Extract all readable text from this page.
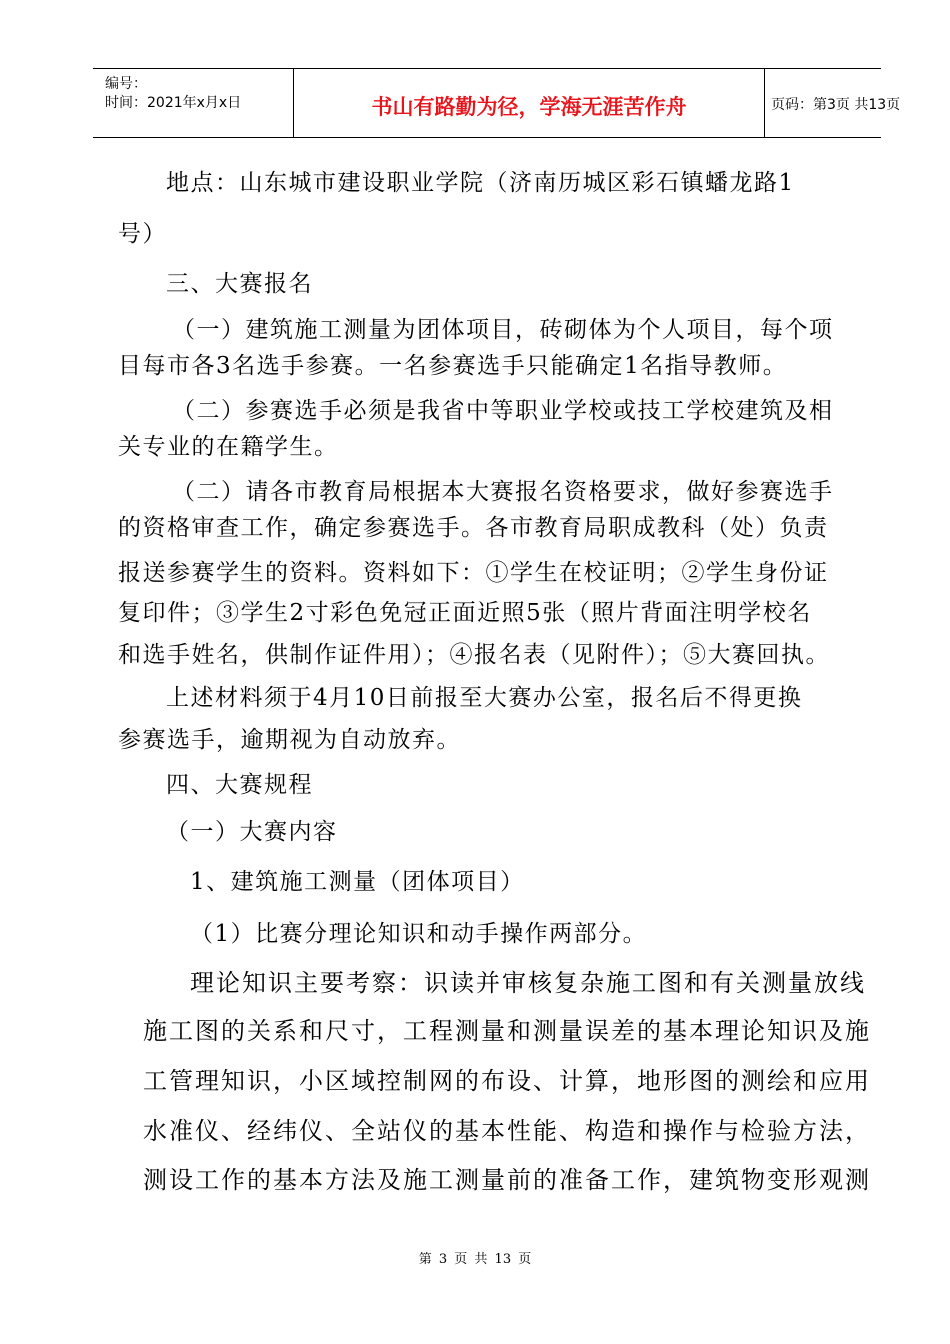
编号：
时间：2021年x月x日	书山有路勤为径，学海无涯苦作舟	页码：第3页 共13页
地点：山东城市建设职业学院（济南历城区彩石镇蟠龙路1
号）
三、大赛报名
（一）建筑施工测量为团体项目，砖砌体为个人项目，每个项
目每市各3名选手参赛。一名参赛选手只能确定1名指导教师。
（二）参赛选手必须是我省中等职业学校或技工学校建筑及相
关专业的在籍学生。
（二）请各市教育局根据本大赛报名资格要求，做好参赛选手
的资格审查工作，确定参赛选手。各市教育局职成教科（处）负责
报送参赛学生的资料。资料如下：①学生在校证明；②学生身份证
复印件；③学生2寸彩色免冠正面近照5张（照片背面注明学校名
和选手姓名，供制作证件用）；④报名表（见附件）；⑤大赛回执。
上述材料须于4月10日前报至大赛办公室，报名后不得更换
参赛选手，逾期视为自动放弃。
四、大赛规程
（一）大赛内容
1、建筑施工测量（团体项目）
（1）比赛分理论知识和动手操作两部分。
理论知识主要考察：识读并审核复杂施工图和有关测量放线
施工图的关系和尺寸，工程测量和测量误差的基本理论知识及施
工管理知识，小区域控制网的布设、计算，地形图的测绘和应用
水准仪、经纬仪、全站仪的基本性能、构造和操作与检验方法，
测设工作的基本方法及施工测量前的准备工作，建筑物变形观测
第 3 页 共 13 页
